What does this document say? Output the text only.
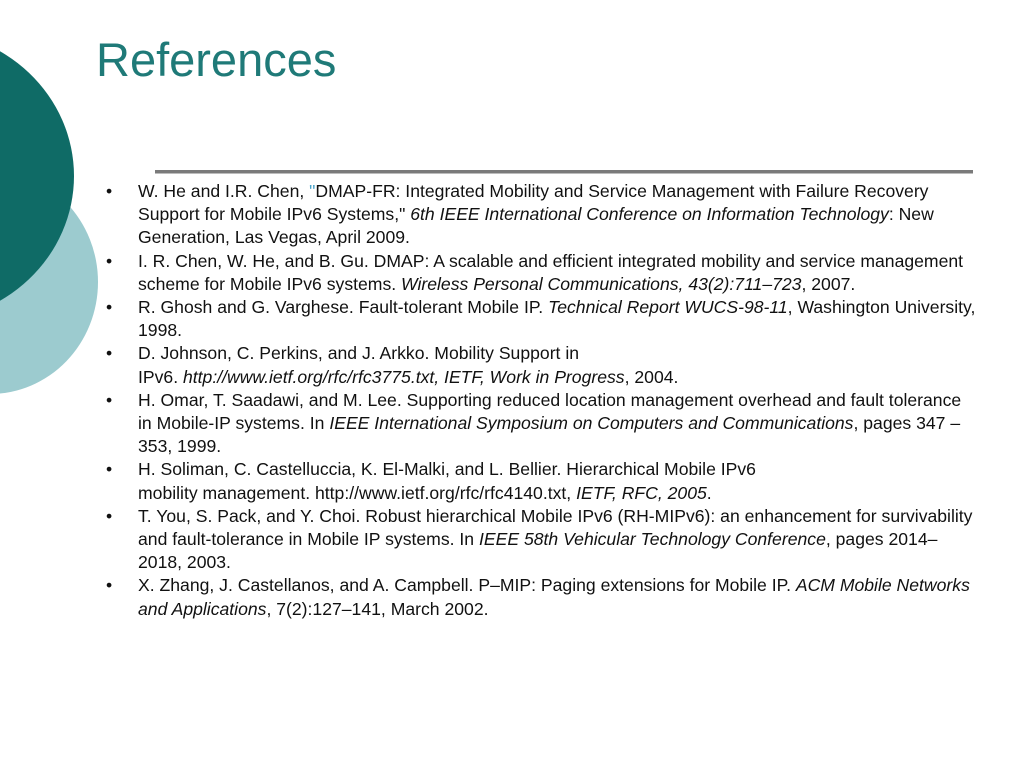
References
• W. He and I.R. Chen, "DMAP-FR: Integrated Mobility and Service Management with Failure Recovery Support for Mobile IPv6 Systems," 6th IEEE International Conference on Information Technology: New Generation, Las Vegas, April 2009.
• I. R. Chen, W. He, and B. Gu. DMAP: A scalable and efficient integrated mobility and service management scheme for Mobile IPv6 systems. Wireless Personal Communications, 43(2):711–723, 2007.
• R. Ghosh and G. Varghese. Fault-tolerant Mobile IP. Technical Report WUCS-98-11, Washington University, 1998.
• D. Johnson, C. Perkins, and J. Arkko. Mobility Support in
IPv6. http://www.ietf.org/rfc/rfc3775.txt, IETF, Work in Progress, 2004.
• H. Omar, T. Saadawi, and M. Lee. Supporting reduced location management overhead and fault tolerance in Mobile-IP systems. In IEEE International Symposium on Computers and Communications, pages 347 – 353, 1999.
• H. Soliman, C. Castelluccia, K. El-Malki, and L. Bellier. Hierarchical Mobile IPv6
mobility management. http://www.ietf.org/rfc/rfc4140.txt, IETF, RFC, 2005.
• T. You, S. Pack, and Y. Choi. Robust hierarchical Mobile IPv6 (RH-MIPv6): an enhancement for survivability and fault-tolerance in Mobile IP systems. In IEEE 58th Vehicular Technology Conference, pages 2014–2018, 2003.
• X. Zhang, J. Castellanos, and A. Campbell. P–MIP: Paging extensions for Mobile IP. ACM Mobile Networks and Applications, 7(2):127–141, March 2002.
